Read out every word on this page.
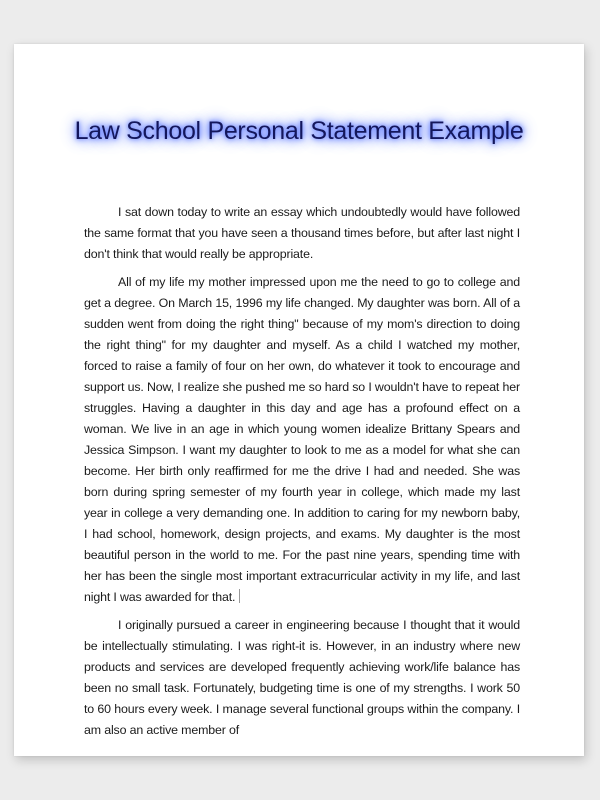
Law School Personal Statement Example

I sat down today to write an essay which undoubtedly would have followed the same format that you have seen a thousand times before, but after last night I don't think that would really be appropriate.

All of my life my mother impressed upon me the need to go to college and get a degree. On March 15, 1996 my life changed. My daughter was born. All of a sudden went from doing the right thing" because of my mom's direction to doing the right thing" for my daughter and myself. As a child I watched my mother, forced to raise a family of four on her own, do whatever it took to encourage and support us. Now, I realize she pushed me so hard so I wouldn't have to repeat her struggles. Having a daughter in this day and age has a profound effect on a woman. We live in an age in which young women idealize Brittany Spears and Jessica Simpson. I want my daughter to look to me as a model for what she can become. Her birth only reaffirmed for me the drive I had and needed. She was born during spring semester of my fourth year in college, which made my last year in college a very demanding one. In addition to caring for my newborn baby, I had school, homework, design projects, and exams. My daughter is the most beautiful person in the world to me. For the past nine years, spending time with her has been the single most important extracurricular activity in my life, and last night I was awarded for that.

I originally pursued a career in engineering because I thought that it would be intellectually stimulating. I was right-it is. However, in an industry where new products and services are developed frequently achieving work/life balance has been no small task. Fortunately, budgeting time is one of my strengths. I work 50 to 60 hours every week. I manage several functional groups within the company. I am also an active member of
